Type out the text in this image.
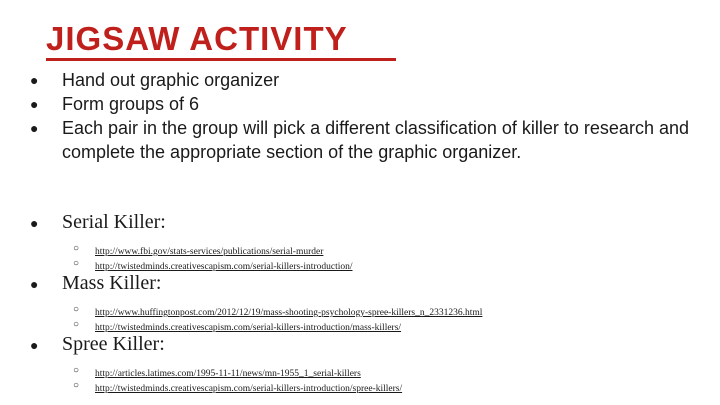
JIGSAW ACTIVITY
●	Hand out graphic organizer
●	Form groups of 6
●	Each pair in the group will pick a different classification of killer to research and complete the appropriate section of the graphic organizer.
● Serial Killer:
○ http://www.fbi.gov/stats-services/publications/serial-murder
○ http://twistedminds.creativescapism.com/serial-killers-introduction/
● Mass Killer:
○ http://www.huffingtonpost.com/2012/12/19/mass-shooting-psychology-spree-killers_n_2331236.html
○ http://twistedminds.creativescapism.com/serial-killers-introduction/mass-killers/
● Spree Killer:
○ http://articles.latimes.com/1995-11-11/news/mn-1955_1_serial-killers
○ http://twistedminds.creativescapism.com/serial-killers-introduction/spree-killers/
